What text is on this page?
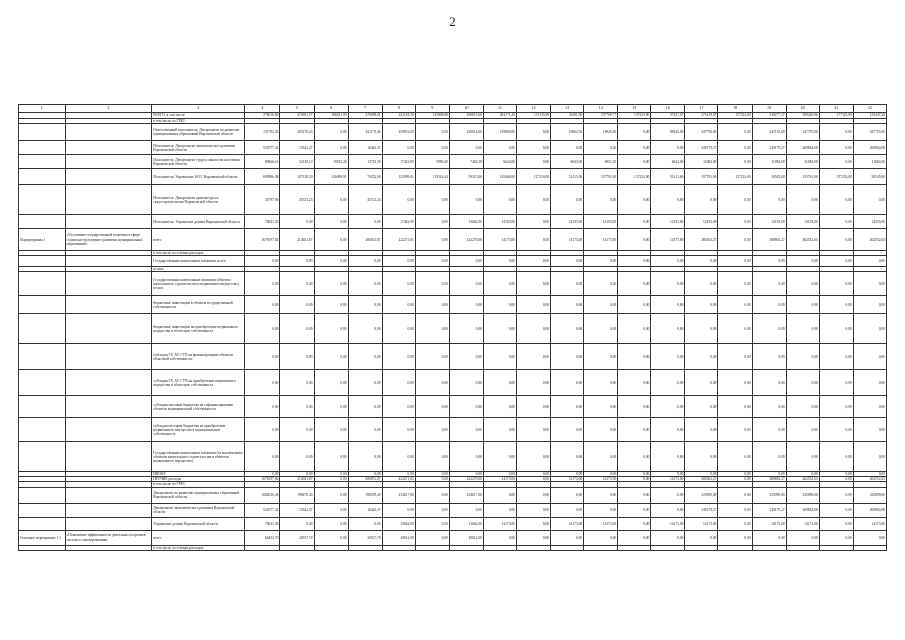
2
1	2	3	4	5	6	7	8	9	10	11	12	13	14	15	16	17	18	19	20	21	22
		ВСЕГО, в том числе:	276616,80	410391,57	166451,90	276608,81	423118,30	125806,88	296813,00	284171,40	151145,90	35481,00	197768,77	137233,00	97451,07	275418,07	157224,00	318277,37	290426,96	177323,00	155447,20
		в том числе по ГРБС:																			
		Ответственный исполнитель: Департамент по развитию муниципальных образований Воронежской области	131792,43	205178,43	0,00	221179,46	259833,00	0,00	250014,00	159860,00	0,00	19862,56	19845,00	0,00	89545,00	247756,00	0,00	347135,00	347755,00	0,00	347755,00
		Исполнитель: Департамент экономического развития Воронежской области	525577,42	15542,47	0,00	16442,47	0,00	0,00	0,00	0,00	0,00	0,00	0,00	0,00	0,00	249179,27	0,00	249179,27	269864,08	0,00	269864,08
		Исполнитель: Департамент труда и занятости населения Воронежской области	89666,16	52139,10	19915,20	13723,50	17423,95	5980,40	7402,59	6643,00	0,00	6643,00	6951,35	0,00	6643,00	11084,00	0,00	11084,00	11084,00	0,00	11084,00
		Исполнитель: Управление ЗАГС Воронежской области	699986,98	137128,59	126099,91	70252,00	125999,01	119324,44	59313,00	145466,00	127218,00	51413,00	157791,00	137233,00	51413,00	157791,00	137233,00	50545,00	155761,00	157233,00	50545,00
		Исполнитель: Департамент архитектуры и градостроительства Воронежской области	45797,96	45721,23	0,00	45721,23	0,00	0,00	0,00	0,00	0,00	0,00	0,00	0,00	0,00	0,00	0,00	0,00	0,00	0,00	0,00
		Исполнитель: Управление делами Воронежской области	70631,30	0,00	0,00	0,00	17462,00	0,00	13662,00	14165,00	0,00	14193,00	14193,00	0,00	14193,00	14193,00	0,00	14193,00	14193,00	0,00	14193,00
Подпрограмма 1	«Улучшение государственной политики в сфере социально-культурного развития муниципальных образований»	всего	1678197,82	214021,87	0,00	286851,87	222271,81	0,00	232270,00	14173,00	0,00	14173,00	14173,00	0,00	14173,00	285363,27	0,00	388863,27	462552,63	0,00	462552,63
		в том числе по статьям расходов:																			
		Государственные капитальные вложения, всего	0,00	0,00	0,00	0,00	0,00	0,00	0,00	0,00	0,00	0,00	0,00	0,00	0,00	0,00	0,00	0,00	0,00	0,00	0,00
		из них:																			
		Государственные капитальные вложения (объекты капитального строительства и недвижимое имущество), из них:	0,00	0,00	0,00	0,00	0,00	0,00	0,00	0,00	0,00	0,00	0,00	0,00	0,00	0,00	0,00	0,00	0,00	0,00	0,00
		бюджетные инвестиции в объекты государственной собственности	0,00	0,00	0,00	0,00	0,00	0,00	0,00	0,00	0,00	0,00	0,00	0,00	0,00	0,00	0,00	0,00	0,00	0,00	0,00
		бюджетные инвестиции на приобретение недвижимого имущества в областную собственность	0,00	0,00	0,00	0,00	0,00	0,00	0,00	0,00	0,00	0,00	0,00	0,00	0,00	0,00	0,00	0,00	0,00	0,00	0,00
		субсидии ГУ, АУ, ГУП на финансирование объектов областной собственности	0,00	0,00	0,00	0,00	0,00	0,00	0,00	0,00	0,00	0,00	0,00	0,00	0,00	0,00	0,00	0,00	0,00	0,00	0,00
		субсидии ГУ, АУ, ГУП на приобретение недвижимого имущества в областную собственность	0,00	0,00	0,00	0,00	0,00	0,00	0,00	0,00	0,00	0,00	0,00	0,00	0,00	0,00	0,00	0,00	0,00	0,00	0,00
		субсидии местным бюджетам на софинансирование объектов муниципальной собственности	0,00	0,00	0,00	0,00	0,00	0,00	0,00	0,00	0,00	0,00	0,00	0,00	0,00	0,00	0,00	0,00	0,00	0,00	0,00
		субсидии местным бюджетам на приобретение недвижимого имущества в муниципальную собственность	0,00	0,00	0,00	0,00	0,00	0,00	0,00	0,00	0,00	0,00	0,00	0,00	0,00	0,00	0,00	0,00	0,00	0,00	0,00
		Государственные капитальные вложения (за исключением объектов капитального строительства и объектов недвижимого имущества)	0,00	0,00	0,00	0,00	0,00	0,00	0,00	0,00	0,00	0,00	0,00	0,00	0,00	0,00	0,00	0,00	0,00	0,00	0,00
		НИОКР	0,00	0,00	0,00	0,00	0,00	0,00	0,00	0,00	0,00	0,00	0,00	0,00	0,00	0,00	0,00	0,00	0,00	0,00	0,00
		ПРОЧИЕ расходы	1678197,82	214021,87	0,00	286851,87	222271,81	0,00	232270,00	14173,00	0,00	14173,00	14173,00	0,00	14173,00	285363,27	0,00	388863,27	462552,63	0,00	462552,63
		в том числе по ГРБС:																			
		Департамент по развитию муниципальных образований Воронежской области	1082036,46	198478,40	0,00	198478,40	234617,00	0,00	234617,00	0,00	0,00	0,00	0,00	0,00	0,00	325090,00	0,00	325090,00	325090,00	0,00	325090,00
		Департамент экономического развития Воронежской области	525577,42	15542,47	0,00	16442,47	0,00	0,00	0,00	0,00	0,00	0,00	0,00	0,00	0,00	249179,27	0,00	249179,27	269864,08	0,00	269864,08
		Управление делами Воронежской области	70631,30	0,00	0,00	0,00	13662,00	0,00	13662,00	14173,00	0,00	14173,00	14173,00	0,00	14173,00	14173,00	0,00	14173,00	14173,00	0,00	14173,00
Основное мероприятие 1.1	«Повышение эффективности деятельности органов местного самоуправления»	всего	66433,70	20917,70	0,00	20917,70	49812,00	0,00	49812,00	0,00	0,00	0,00	0,00	0,00	0,00	0,00	0,00	0,00	0,00	0,00	0,00
		в том числе по статьям расходов:																			
